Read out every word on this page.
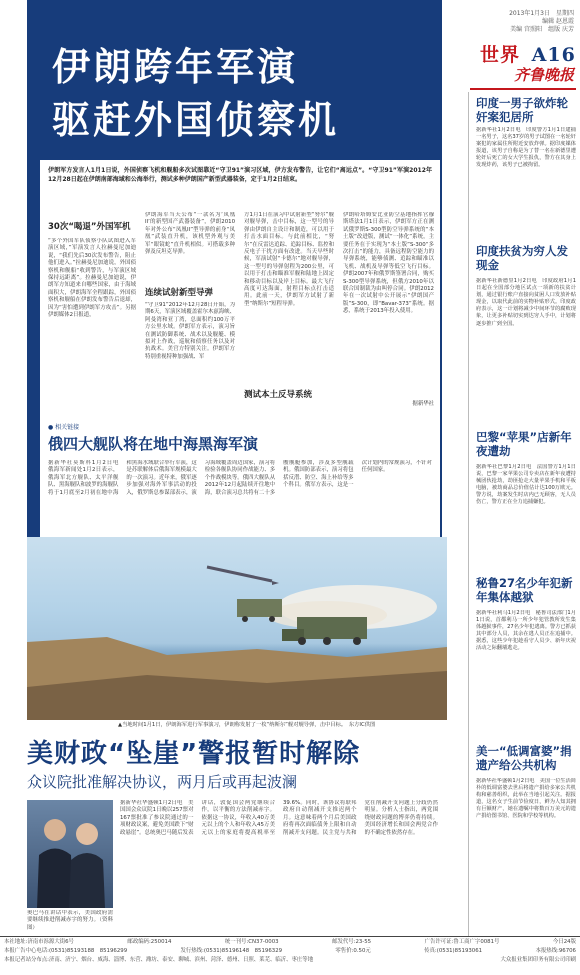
2013年1月3日　星期四
编辑 赵恩霞
美编 宫照阳　组版 庆芳
世界 A16
齐鲁晚报
伊朗跨年军演
驱赶外国侦察机
伊朗军方发言人1月1日说，外国侦察飞机和舰船多次试图靠近“守卫91”演习区域，伊方发布警告，让它们“离远点”。“守卫91”军演2012年12月28日起在伊朗南部海域和公海举行，测试多种伊朗国产新型武器装备，定于1月2日结束。
30次“喝退”外国军机
“多个外国军队侦察小队试图进入军演区域，”军演发言人拉赫曼尼加迪说，“我们先后30次发布警告，阻止他们进入。”拉赫曼尼加迪说，外国侦察机和舰船“收到警告，与军演区域保持远距离”。拉赫曼尼加迪说，伊朗军方知道来自哪些国家，由于海域面积大，伊朗海军全程跟踪，外国侦察机和舰船在伊朗发布警告后退却，因为“害怕遭到伊朗军方攻击”。另据伊朗媒体2日报道，
伊朗海军当天公布“一款名为‘凤凰II’的新型国产武器装备”，伊朗2010年对外公布“凤凰II”型导弹的前身“凤凰”武装直升机，该机型外观与美军“眼镜蛇”直升机相似。可搭载多种弹及反坦克导弹。
连续试射新型导弹
“守卫91”2012年12月28日开始，为期6天，军演区域覆盖霍尔木兹海峡、阿曼湾和亚丁湾，总面积约100万平方公里水域。伊朗军方表示，演习旨在测试防御系统、战术以及舰艇、模拟对上作战，巡航和侦察任务以及对抗战术。美官方特别关注。伊朗军方特别重视特种加强战、军
方1月1日在演习中试射新型“努尔”舰对舰导弹，击中目标，这一型号的导弹由伊朗自主设计和制造，可以用于打击水面目标。与此前相比，“努尔”在反雷达追踪、追踪目标、监控和反电子干扰方面有改进。当天早些时候，军演试射“卡德尔”地对舰导弹，这一型号的导弹射程为200公里，可以用于打击和瞄准军舰和陆地上固定和移动目标以及岸上目标。最大飞行高度可达海面，射程目标点打击适用。此前一天，伊朗军方试射了新型“纳斯尔”短程导弹。
测试本土反导系统
伊朗哈塔姆安比亚防空基地指挥官穆斯塔法1月1日表示，伊朗军方正在测试俄罗斯S-300型防空导弹系统的“本土版”改进版，测试“一体化”系统，主要任务在于实现为“本土版”S-300“多次打击”的能力，具备远程防空能力的导弹系统，能够侦测、追踪和瞄准以飞机、战机及导弹等低空飞行目标。伊朗2007年和俄罗斯签署合同，购买S-300型导弹系统，但俄方2010年以联合国制裁为由叫停合同。伊朗2012年在一次试射中公开展示“伊朗国产版”S-300，即“Bavar-373”系统。据悉，系统于2013年投入使用。
据新华社
● 相关链接
俄四大舰队将在地中海黑海军演
据新华社莫斯科1月2日电　俄海军新闻处1月2日表示，俄海军北方舰队、太平洋舰队、黑海舰队和波罗的海舰队将于1月底至2月初在地中海和黑海水域联合举行军演，这是苏联解体后俄海军规模最大的一次演习。近年来，俄军逐步加强对海外军事活动的投入，俄罗斯总参谋部表示，演习海域覆盖周边国家，演习将检验各舰队协同作战能力、多个作战模块等。俄四大舰队从2012年12月起陆续开往地中海，联合演习总共将有二十多艘舰艇参加，涉及多型舰载机。俄国防部表示，演习将包括反潜、防空、海上补给等多个科目。俄军方表示，这是一次计划内的常规演习，不针对任何国家。
▲当地时间1月1日，伊朗海军进行军事演习，伊朗称发射了一枚“纳斯尔”舰对舰导弹，击中目标。　东方IC供图
美财政“坠崖”警报暂时解除
众议院批准解决协议，两月后或再起波澜
奥巴马在讲话中表示，美国政府需要继续推进削减赤字的努力。（资料图）
据新华社华盛顿1月2日电　美国国会众议院1日晚以257票对167票批准了参议院通过的一项财政议案，避免美国跌下“财政悬崖”。总统奥巴马随后发表讲话，敦促国会两党继续合作，以平衡的方法削减赤字。依据这一协议，年收入40万美元以上的个人和年收入45万美元以上的家庭将提高税率至39.6%。同时，该协议将联邦政府自动削减开支推迟两个月。这意味着两个月后美国政府将再次面临债务上限和自动削减开支问题。民主党与共和党在削减开支问题上分歧仍然明显。分析人士指出，两党围绕财政问题的博弈仍将持续。美国经济增长和国会两党合作的不确定性依然存在。
印度一男子欲炸轮奸案犯居所
据新华社1月2日电　印度警方1月1日逮捕一名男子，这名37岁的男子试图在一名轮奸案犯的家属住所附近安放炸弹。据印度媒体报道，该男子自称是为了替一名在新德里遭轮奸后死亡的女大学生报仇，警方在其身上发现炸药，该男子已被拘留。
印度扶贫为穷人发现金
据新华社新德里1月2日电　印度政府1月1日起在全国部分地区试点一项新的扶贫计划，通过银行账户直接向贫困人口发放补贴现金，以取代此前的实物补贴形式。印度政府表示，这一计划将减少中间环节的腐败现象，让更多补贴切实到达穷人手中，计划将逐步推广到全国。
巴黎“苹果”店新年夜遭劫
据新华社巴黎1月2日电　法国警方1月1日说，巴黎一家苹果公司专卖店在新年夜遭持械团伙抢劫，劫匪抢走大量苹果手机和平板电脑，被劫商品总价值估计达100万欧元。警方说，劫案发生时店内已无顾客，无人员伤亡，警方正在全力追捕嫌犯。
秘鲁27名少年犯新年集体越狱
据新华社利马1月2日电　秘鲁司法部门1月1日说，首都利马一所少年犯管教所发生集体越狱事件，27名少年犯逃离。警方已抓获其中部分人员，其余在逃人员正在追捕中。据悉，这些少年犯趁看守人员少、新年庆祝活动之际翻墙逃走。
美一“低调富婆”捐遗产给公共机构
据新华社华盛顿1月2日电　美国一位生活简朴的低调富婆去世后将遗产捐给多家公共机构和慈善组织，此举在当地引起关注。据报道，这名女子生前节俭度日，鲜为人知其拥有巨额财产，她在遗嘱中将数百万美元的遗产捐给图书馆、医院和学校等机构。
本社地址:济南市泺源大街6号	邮政编码:250014	统一刊号:CN37-0003	邮发代号:23-55	广告许可证:鲁工商广字0081号	今日24版
本报广告中心电话:(0531)85193188　85196299	发行热线:(0531)85196148　85196329	零售价:0.50元	传真:(0531)85193061	本报热线:96706
本报记者站分布点:济南、济宁、烟台、威海、淄博、东营、潍坊、泰安、聊城、滨州、菏泽、德州、日照、莱芜、临沂、枣庄等地	大众报业集团印务有限公司印刷
